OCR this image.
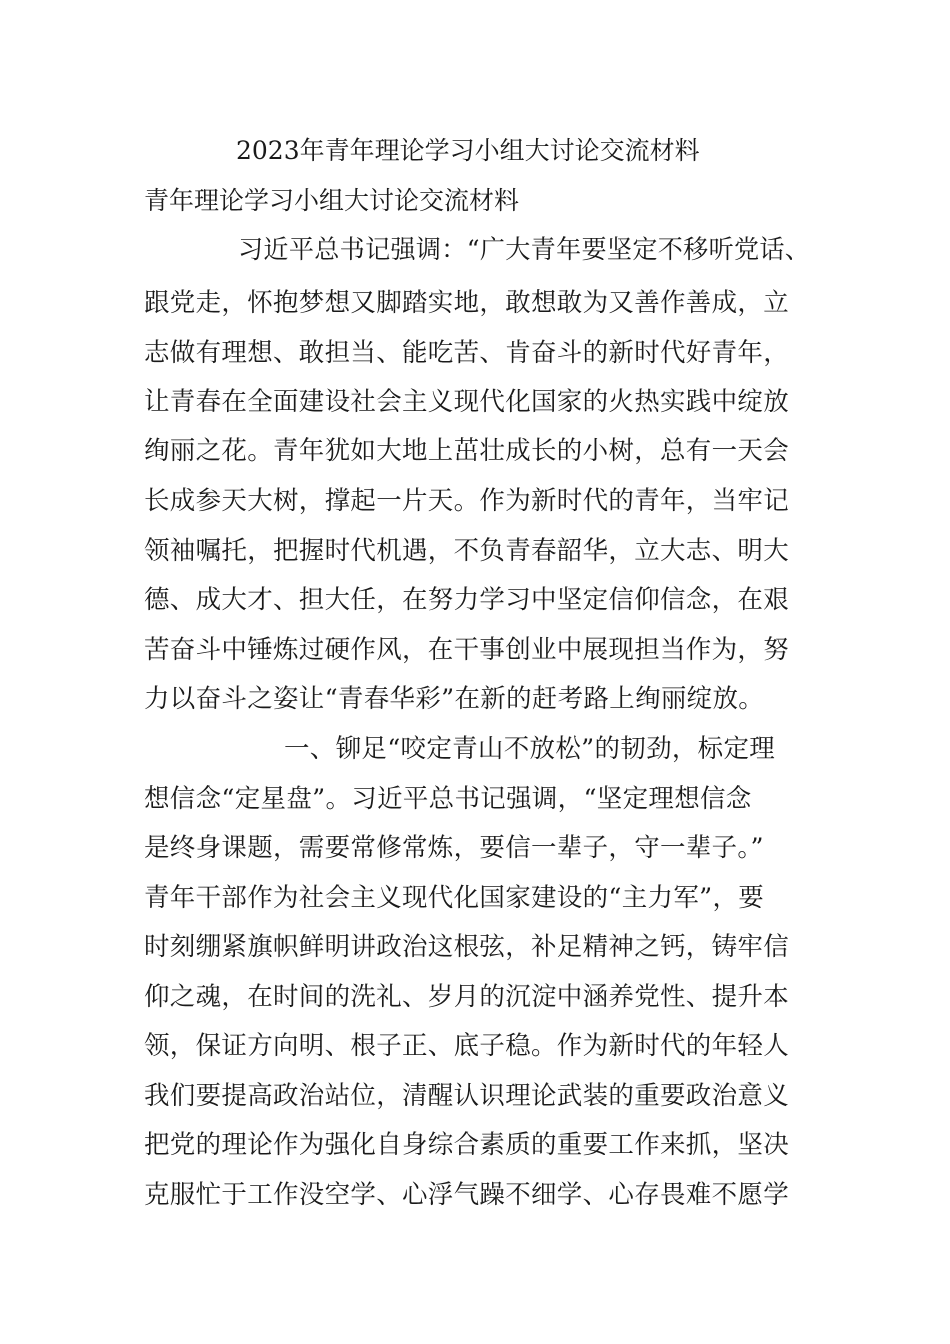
2023年青年理论学习小组大讨论交流材料
青年理论学习小组大讨论交流材料
习近平总书记强调：“广大青年要坚定不移听党话、
跟党走，怀抱梦想又脚踏实地，敢想敢为又善作善成，立
志做有理想、敢担当、能吃苦、肯奋斗的新时代好青年，
让青春在全面建设社会主义现代化国家的火热实践中绽放
绚丽之花。青年犹如大地上茁壮成长的小树，总有一天会
长成参天大树，撑起一片天。作为新时代的青年，当牢记
领袖嘱托，把握时代机遇，不负青春韶华，立大志、明大
德、成大才、担大任，在努力学习中坚定信仰信念，在艰
苦奋斗中锤炼过硬作风，在干事创业中展现担当作为，努
力以奋斗之姿让“青春华彩”在新的赶考路上绚丽绽放。
一、铆足“咬定青山不放松”的韧劲，标定理
想信念“定星盘”。习近平总书记强调，“坚定理想信念
是终身课题，需要常修常炼，要信一辈子，守一辈子。”
青年干部作为社会主义现代化国家建设的“主力军”，要
时刻绷紧旗帜鲜明讲政治这根弦，补足精神之钙，铸牢信
仰之魂，在时间的洗礼、岁月的沉淀中涵养党性、提升本
领，保证方向明、根子正、底子稳。作为新时代的年轻人
我们要提高政治站位，清醒认识理论武装的重要政治意义
把党的理论作为强化自身综合素质的重要工作来抓，坚决
克服忙于工作没空学、心浮气躁不细学、心存畏难不愿学
